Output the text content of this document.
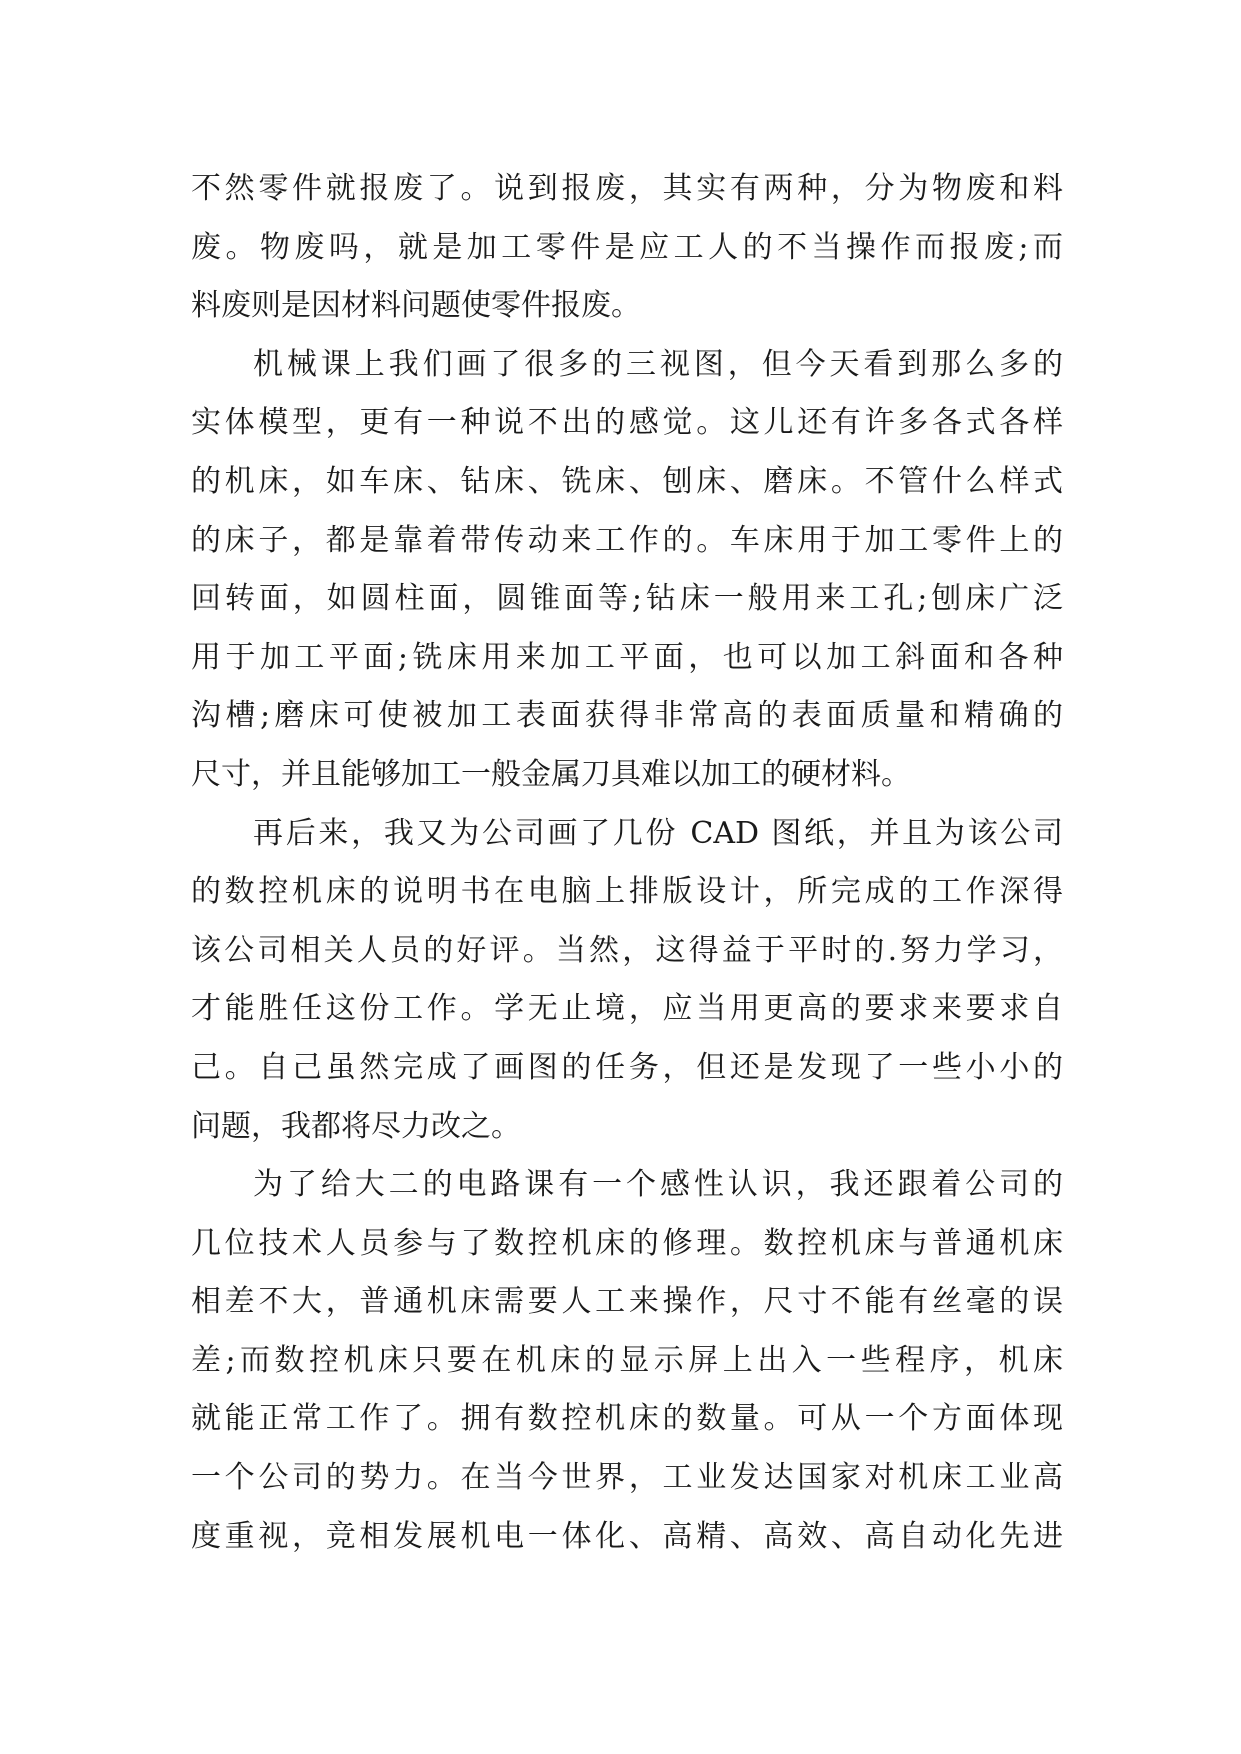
不然零件就报废了。说到报废，其实有两种，分为物废和料
废。物废吗，就是加工零件是应工人的不当操作而报废;而
料废则是因材料问题使零件报废。
机械课上我们画了很多的三视图，但今天看到那么多的
实体模型，更有一种说不出的感觉。这儿还有许多各式各样
的机床，如车床、钻床、铣床、刨床、磨床。不管什么样式
的床子，都是靠着带传动来工作的。车床用于加工零件上的
回转面，如圆柱面，圆锥面等;钻床一般用来工孔;刨床广泛
用于加工平面;铣床用来加工平面，也可以加工斜面和各种
沟槽;磨床可使被加工表面获得非常高的表面质量和精确的
尺寸，并且能够加工一般金属刀具难以加工的硬材料。
再后来，我又为公司画了几份 CAD 图纸，并且为该公司
的数控机床的说明书在电脑上排版设计，所完成的工作深得
该公司相关人员的好评。当然，这得益于平时的.努力学习，
才能胜任这份工作。学无止境，应当用更高的要求来要求自
己。自己虽然完成了画图的任务，但还是发现了一些小小的
问题，我都将尽力改之。
为了给大二的电路课有一个感性认识，我还跟着公司的
几位技术人员参与了数控机床的修理。数控机床与普通机床
相差不大，普通机床需要人工来操作，尺寸不能有丝毫的误
差;而数控机床只要在机床的显示屏上出入一些程序，机床
就能正常工作了。拥有数控机床的数量。可从一个方面体现
一个公司的势力。在当今世界，工业发达国家对机床工业高
度重视，竞相发展机电一体化、高精、高效、高自动化先进
